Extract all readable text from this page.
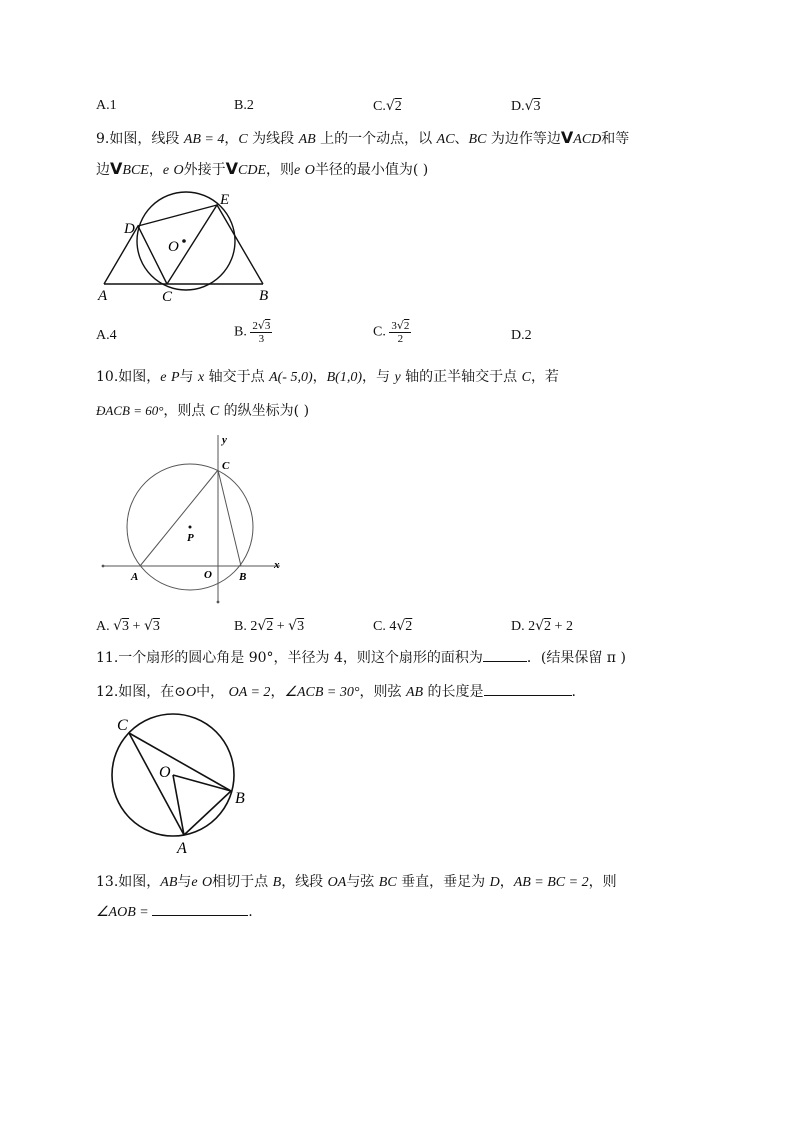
A.1	B.2	C.√2	D.√3
9.如图，线段 AB = 4，C 为线段 AB 上的一个动点，以 AC、BC 为边作等边VACD和等
边VBCE，e O外接于VCDE，则e O半径的最小值为( )
D
E
O
A	C	B
A.4	B. $\frac{2√3}{3}$	C. $\frac{3√2}{2}$	D.2
10.如图，e P与 x 轴交于点 A(- 5,0)，B(1,0)，与 y 轴的正半轴交于点 C，若
ÐACB = 60°，则点 C 的纵坐标为( )
y
C
P
A	O B
x
A. √3 + √3	B. 2√2 + √3	C. 4√2	D. 2√2 + 2
11.一个扇形的圆心角是 90°，半径为 4，则这个扇形的面积为	．(结果保留 π )
12.如图，在⊙O中， OA = 2，∠ACB = 30°，则弦 AB 的长度是	.
C
O
B
A
13.如图，AB与e O相切于点 B，线段 OA与弦 BC 垂直，垂足为 D，AB = BC = 2，则
∠AOB =	.
